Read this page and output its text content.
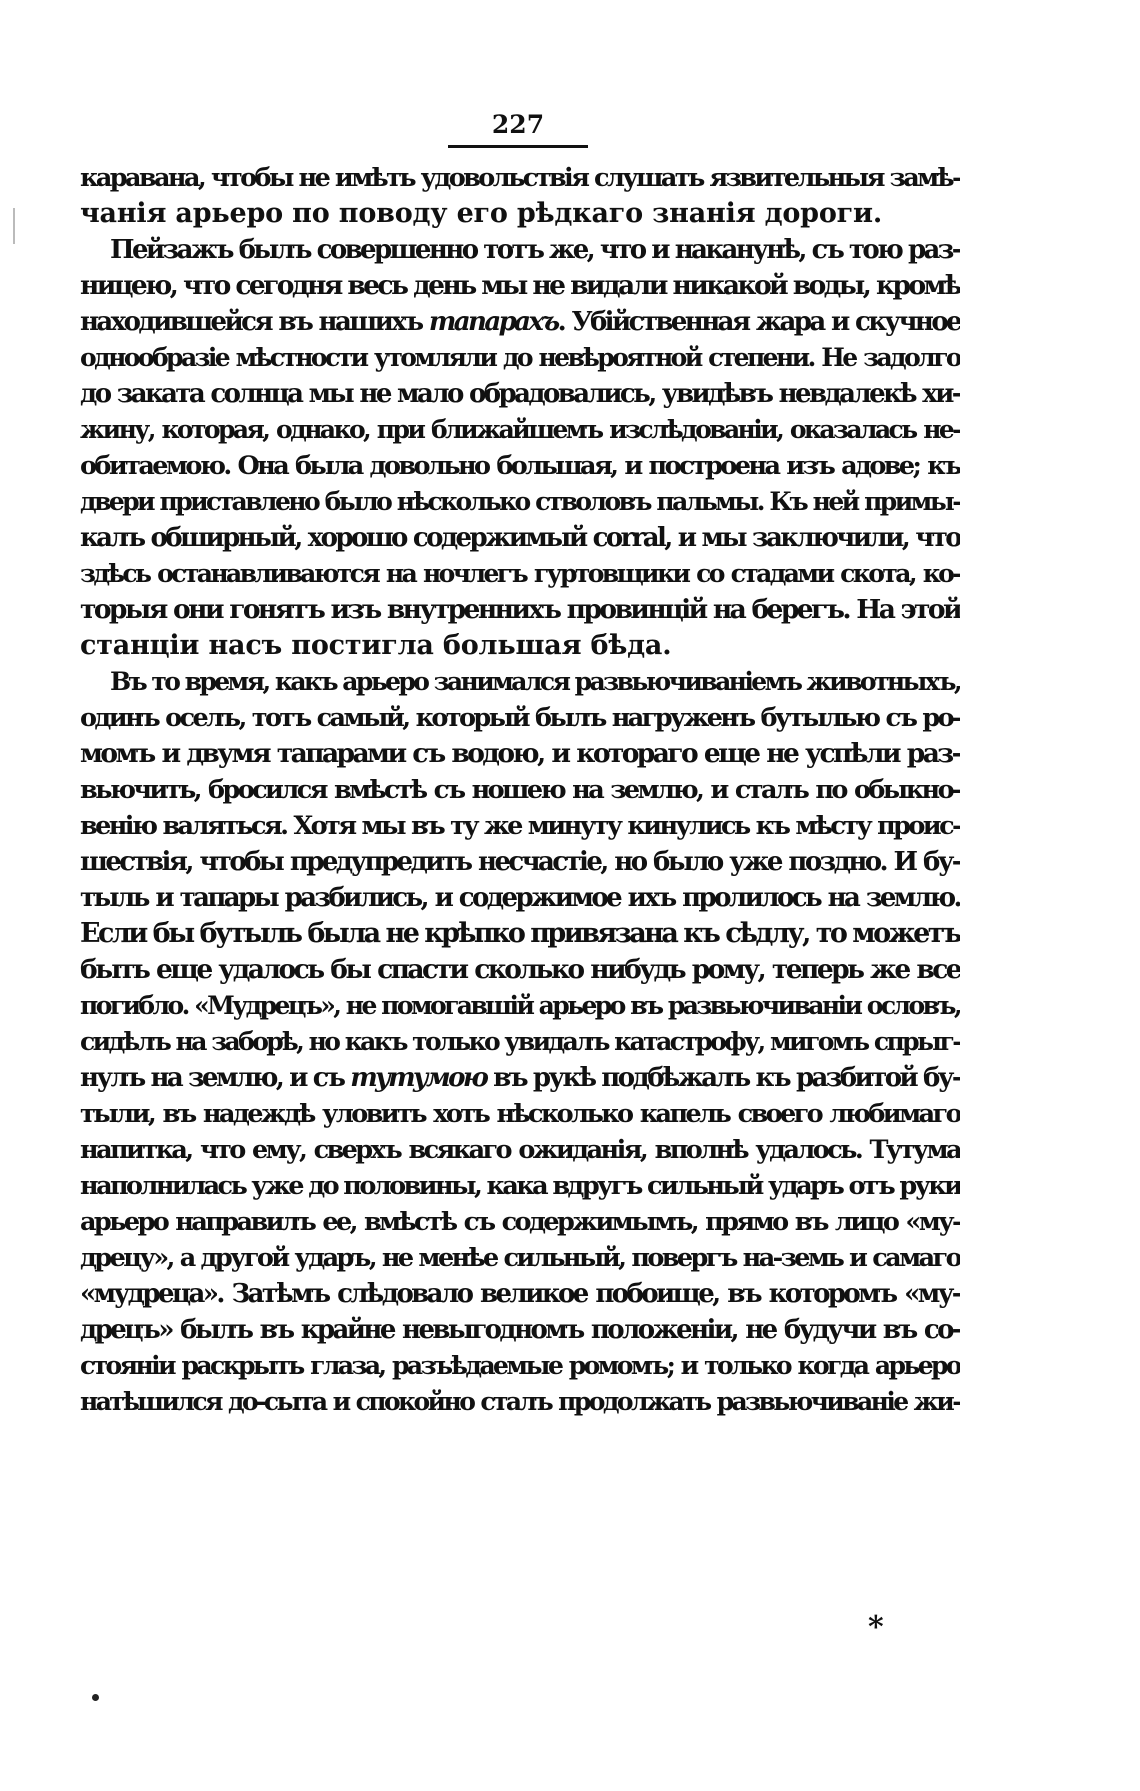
227
каравана, чтобы не имѣть удовольствія слушать язвительныя замѣ-
чанія арьеро по поводу его рѣдкаго знанія дороги.
Пейзажъ былъ совершенно тотъ же, что и наканунѣ, съ тою раз-
ницею, что сегодня весь день мы не видали никакой воды, кромѣ
находившейся въ нашихъ тапарахъ. Убійственная жара и скучное
однообразіе мѣстности утомляли до невѣроятной степени. Не задолго
до заката солнца мы не мало обрадовались, увидѣвъ невдалекѣ хи-
жину, которая, однако, при ближайшемъ изслѣдованіи, оказалась не-
обитаемою. Она была довольно большая, и построена изъ адове; къ
двери приставлено было нѣсколько стволовъ пальмы. Къ ней примы-
калъ обширный, хорошо содержимый corral, и мы заключили, что
здѣсь останавливаются на ночлегъ гуртовщики со стадами скота, ко-
торыя они гонятъ изъ внутреннихъ провинцій на берегъ. На этой
станціи насъ постигла большая бѣда.
Въ то время, какъ арьеро занимался развьючиваніемъ животныхъ,
одинъ оселъ, тотъ самый, который былъ нагруженъ бутылью съ ро-
момъ и двумя тапарами съ водою, и котораго еще не успѣли раз-
вьючить, бросился вмѣстѣ съ ношею на землю, и сталъ по обыкно-
венію валяться. Хотя мы въ ту же минуту кинулись къ мѣсту проис-
шествія, чтобы предупредить несчастіе, но было уже поздно. И бу-
тыль и тапары разбились, и содержимое ихъ пролилось на землю.
Если бы бутыль была не крѣпко привязана къ сѣдлу, то можетъ
быть еще удалось бы спасти сколько нибудь рому, теперь же все
погибло. «Мудрецъ», не помогавшій арьеро въ развьючиваніи ословъ,
сидѣлъ на заборѣ, но какъ только увидалъ катастрофу, мигомъ спрыг-
нулъ на землю, и съ тутумою въ рукѣ подбѣжалъ къ разбитой бу-
тыли, въ надеждѣ уловить хоть нѣсколько капель своего любимаго
напитка, что ему, сверхъ всякаго ожиданія, вполнѣ удалось. Тутума
наполнилась уже до половины, кака вдругъ сильный ударъ отъ руки
арьеро направилъ ее, вмѣстѣ съ содержимымъ, прямо въ лицо «му-
дрецу», а другой ударъ, не менѣе сильный, повергъ на-земь и самаго
«мудреца». Затѣмъ слѣдовало великое побоище, въ которомъ «му-
дрецъ» былъ въ крайне невыгодномъ положеніи, не будучи въ со-
стояніи раскрыть глаза, разъѣдаемые ромомъ; и только когда арьеро
натѣшился до-сыта и спокойно сталъ продолжать развьючиваніе жи-
*
